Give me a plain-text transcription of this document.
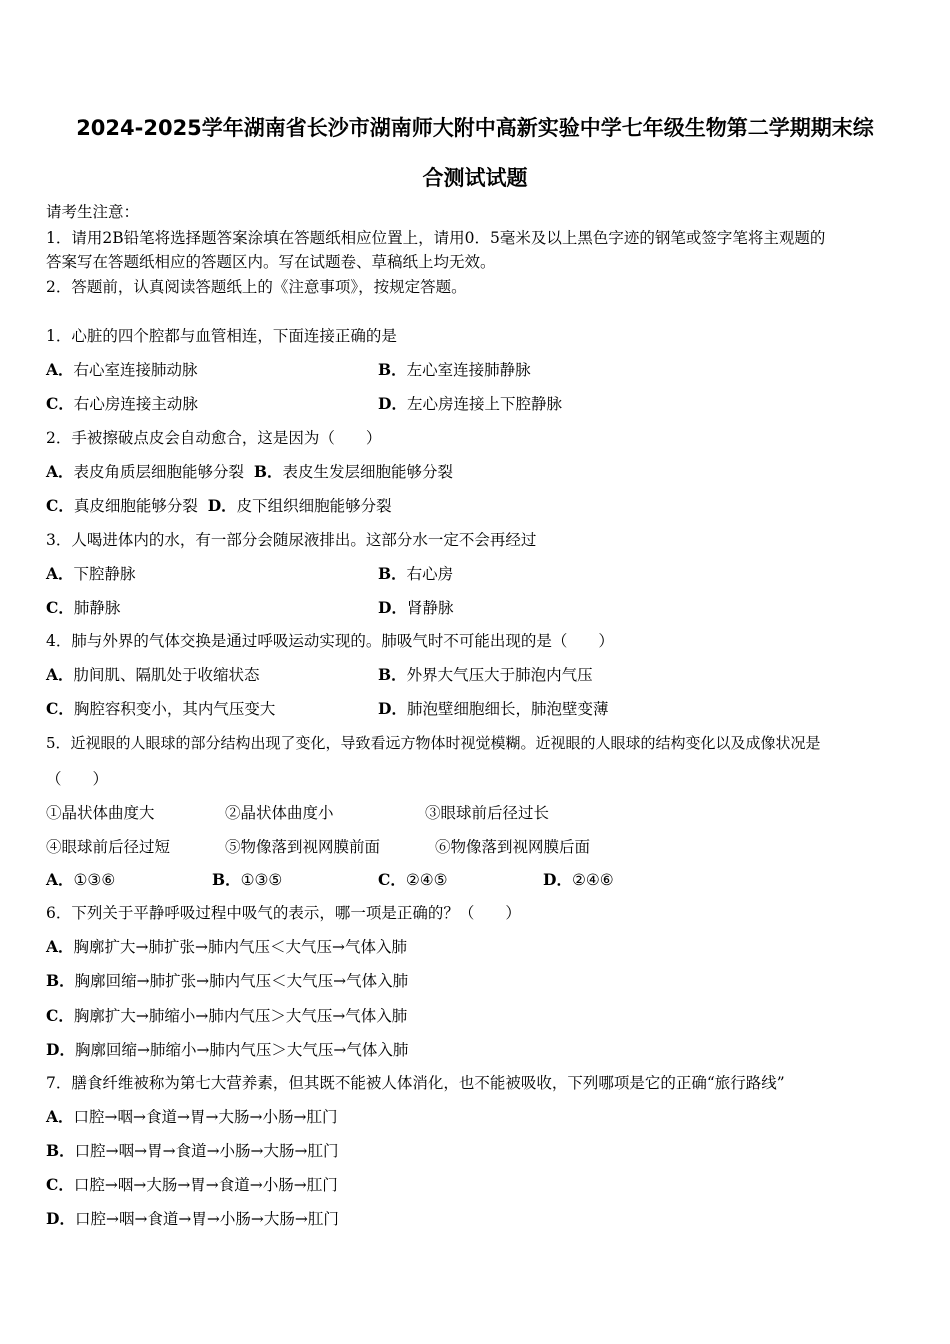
2024-2025学年湖南省长沙市湖南师大附中高新实验中学七年级生物第二学期期末综
合测试试题
请考生注意：
1．请用2B铅笔将选择题答案涂填在答题纸相应位置上，请用0．5毫米及以上黑色字迹的钢笔或签字笔将主观题的
答案写在答题纸相应的答题区内。写在试题卷、草稿纸上均无效。
2．答题前，认真阅读答题纸上的《注意事项》，按规定答题。
1．心脏的四个腔都与血管相连，下面连接正确的是
A．右心室连接肺动脉	B．左心室连接肺静脉
C．右心房连接主动脉	D．左心房连接上下腔静脉
2．手被擦破点皮会自动愈合，这是因为（　　）
A．表皮角质层细胞能够分裂 B．表皮生发层细胞能够分裂
C．真皮细胞能够分裂 D．皮下组织细胞能够分裂
3．人喝进体内的水，有一部分会随尿液排出。这部分水一定不会再经过
A．下腔静脉	B．右心房
C．肺静脉	D．肾静脉
4．肺与外界的气体交换是通过呼吸运动实现的。肺吸气时不可能出现的是（　　）
A．肋间肌、隔肌处于收缩状态	B．外界大气压大于肺泡内气压
C．胸腔容积变小，其内气压变大	D．肺泡壁细胞细长，肺泡壁变薄
5．近视眼的人眼球的部分结构出现了变化，导致看远方物体时视觉模糊。近视眼的人眼球的结构变化以及成像状况是
（　　）
①晶状体曲度大	②晶状体曲度小	③眼球前后径过长
④眼球前后径过短	⑤物像落到视网膜前面	⑥物像落到视网膜后面
A．①③⑥	B．①③⑤	C．②④⑤	D．②④⑥
6．下列关于平静呼吸过程中吸气的表示，哪一项是正确的？（　　）
A．胸廓扩大→肺扩张→肺内气压＜大气压→气体入肺
B．胸廓回缩→肺扩张→肺内气压＜大气压→气体入肺
C．胸廓扩大→肺缩小→肺内气压＞大气压→气体入肺
D．胸廓回缩→肺缩小→肺内气压＞大气压→气体入肺
7．膳食纤维被称为第七大营养素，但其既不能被人体消化，也不能被吸收，下列哪项是它的正确“旅行路线”
A．口腔→咽→食道→胃→大肠→小肠→肛门
B．口腔→咽→胃→食道→小肠→大肠→肛门
C．口腔→咽→大肠→胃→食道→小肠→肛门
D．口腔→咽→食道→胃→小肠→大肠→肛门
